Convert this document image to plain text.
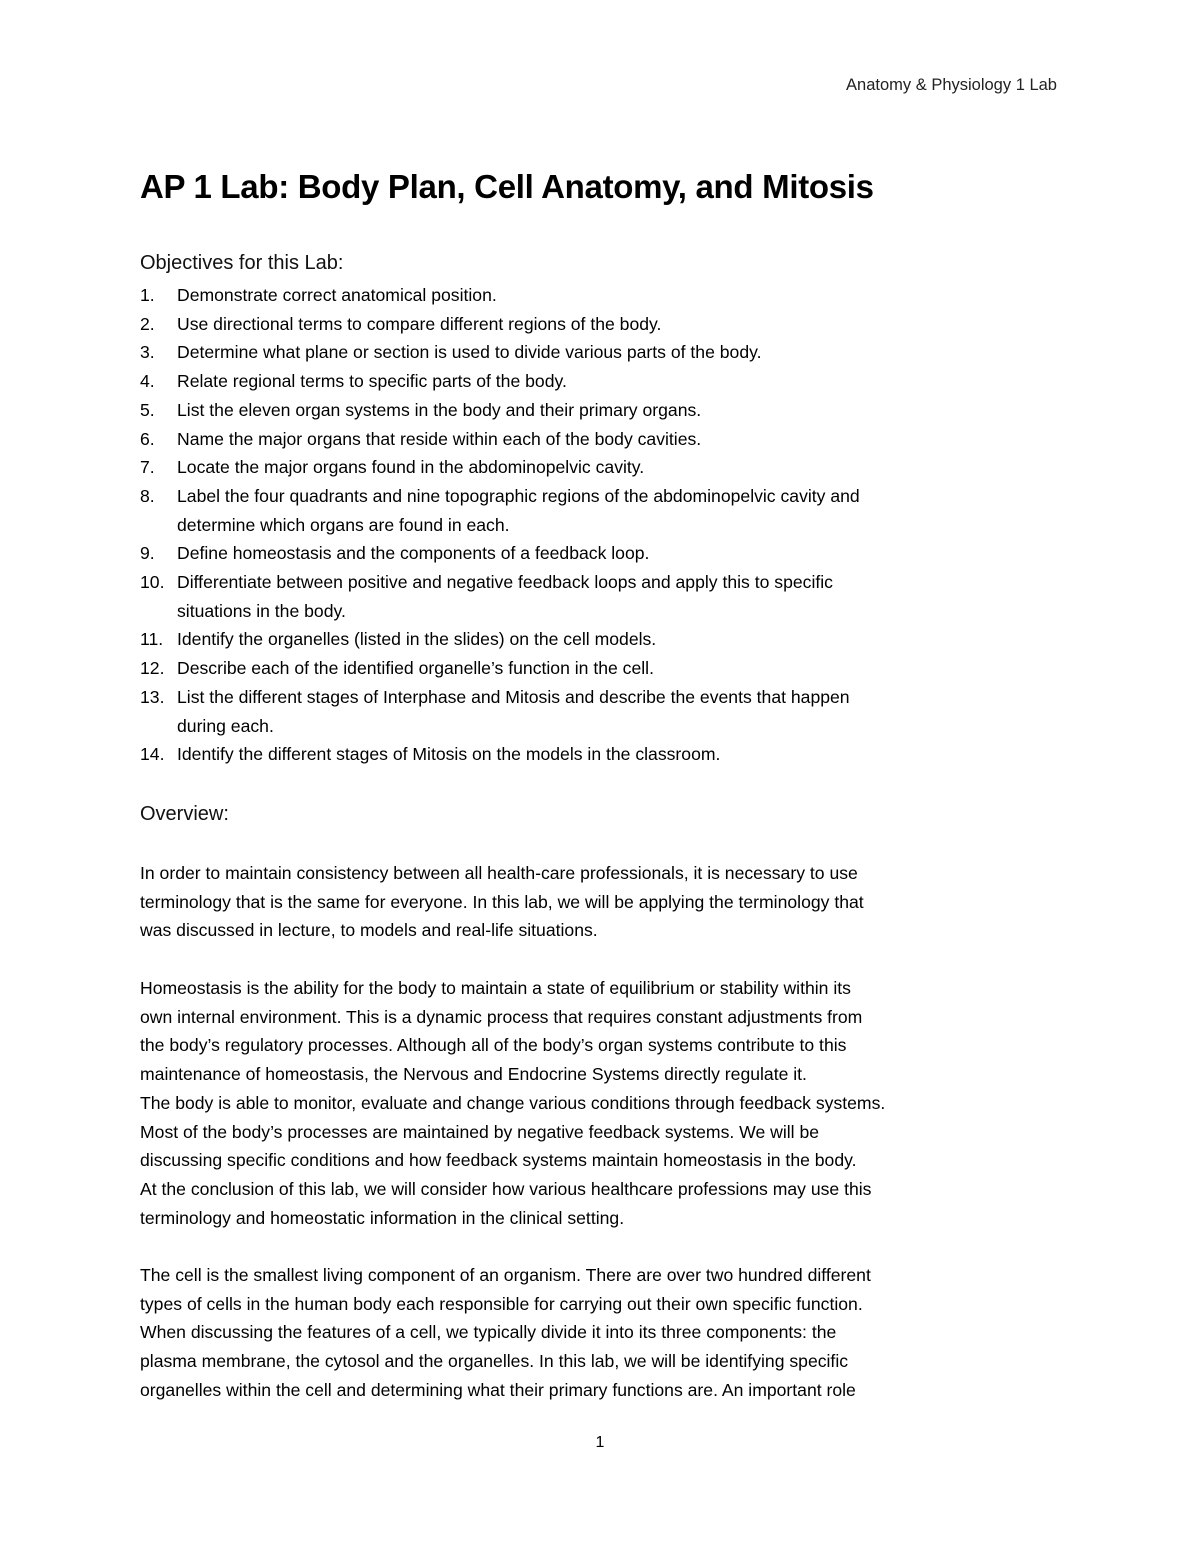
Anatomy & Physiology 1 Lab
AP 1 Lab: Body Plan, Cell Anatomy, and Mitosis
Objectives for this Lab:
1. Demonstrate correct anatomical position.
2. Use directional terms to compare different regions of the body.
3. Determine what plane or section is used to divide various parts of the body.
4. Relate regional terms to specific parts of the body.
5. List the eleven organ systems in the body and their primary organs.
6. Name the major organs that reside within each of the body cavities.
7. Locate the major organs found in the abdominopelvic cavity.
8. Label the four quadrants and nine topographic regions of the abdominopelvic cavity and
determine which organs are found in each.
9. Define homeostasis and the components of a feedback loop.
10. Differentiate between positive and negative feedback loops and apply this to specific
situations in the body.
11. Identify the organelles (listed in the slides) on the cell models.
12. Describe each of the identified organelle’s function in the cell.
13. List the different stages of Interphase and Mitosis and describe the events that happen
during each.
14. Identify the different stages of Mitosis on the models in the classroom.
Overview:
In order to maintain consistency between all health-care professionals, it is necessary to use
terminology that is the same for everyone. In this lab, we will be applying the terminology that
was discussed in lecture, to models and real-life situations.
Homeostasis is the ability for the body to maintain a state of equilibrium or stability within its
own internal environment. This is a dynamic process that requires constant adjustments from
the body’s regulatory processes. Although all of the body’s organ systems contribute to this
maintenance of homeostasis, the Nervous and Endocrine Systems directly regulate it.
The body is able to monitor, evaluate and change various conditions through feedback systems.
Most of the body’s processes are maintained by negative feedback systems. We will be
discussing specific conditions and how feedback systems maintain homeostasis in the body.
At the conclusion of this lab, we will consider how various healthcare professions may use this
terminology and homeostatic information in the clinical setting.
The cell is the smallest living component of an organism. There are over two hundred different
types of cells in the human body each responsible for carrying out their own specific function.
When discussing the features of a cell, we typically divide it into its three components: the
plasma membrane, the cytosol and the organelles. In this lab, we will be identifying specific
organelles within the cell and determining what their primary functions are. An important role
1
